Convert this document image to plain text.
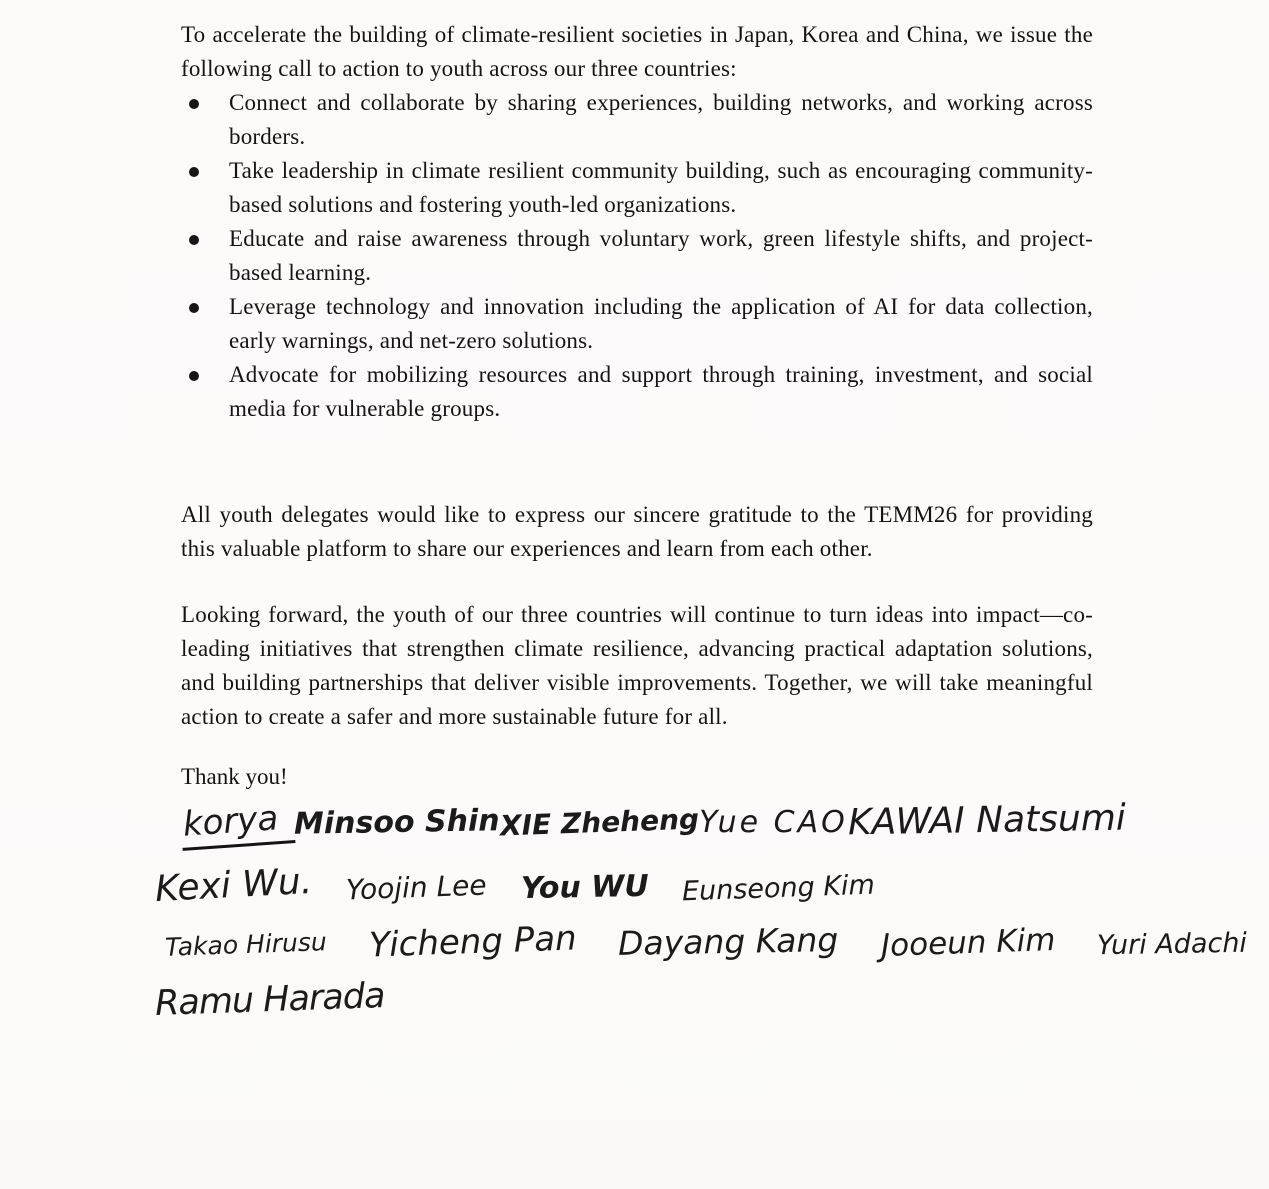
To accelerate the building of climate-resilient societies in Japan, Korea and China, we issue the following call to action to youth across our three countries:

Connect and collaborate by sharing experiences, building networks, and working across borders.
Take leadership in climate resilient community building, such as encouraging community-based solutions and fostering youth-led organizations.
Educate and raise awareness through voluntary work, green lifestyle shifts, and project-based learning.
Leverage technology and innovation including the application of AI for data collection, early warnings, and net-zero solutions.
Advocate for mobilizing resources and support through training, investment, and social media for vulnerable groups.

All youth delegates would like to express our sincere gratitude to the TEMM26 for providing this valuable platform to share our experiences and learn from each other.

Looking forward, the youth of our three countries will continue to turn ideas into impact—co-leading initiatives that strengthen climate resilience, advancing practical adaptation solutions, and building partnerships that deliver visible improvements. Together, we will take meaningful action to create a safer and more sustainable future for all.

Thank you!

korya Minsoo Shin XIE Zheheng Yue CAO KAWAI Natsumi
Kexi Wu. Yoojin Lee You WU Eunseong Kim
Takao Hirusu Yicheng Pan Dayang Kang Jooeun Kim Yuri Adachi
Ramu Harada
